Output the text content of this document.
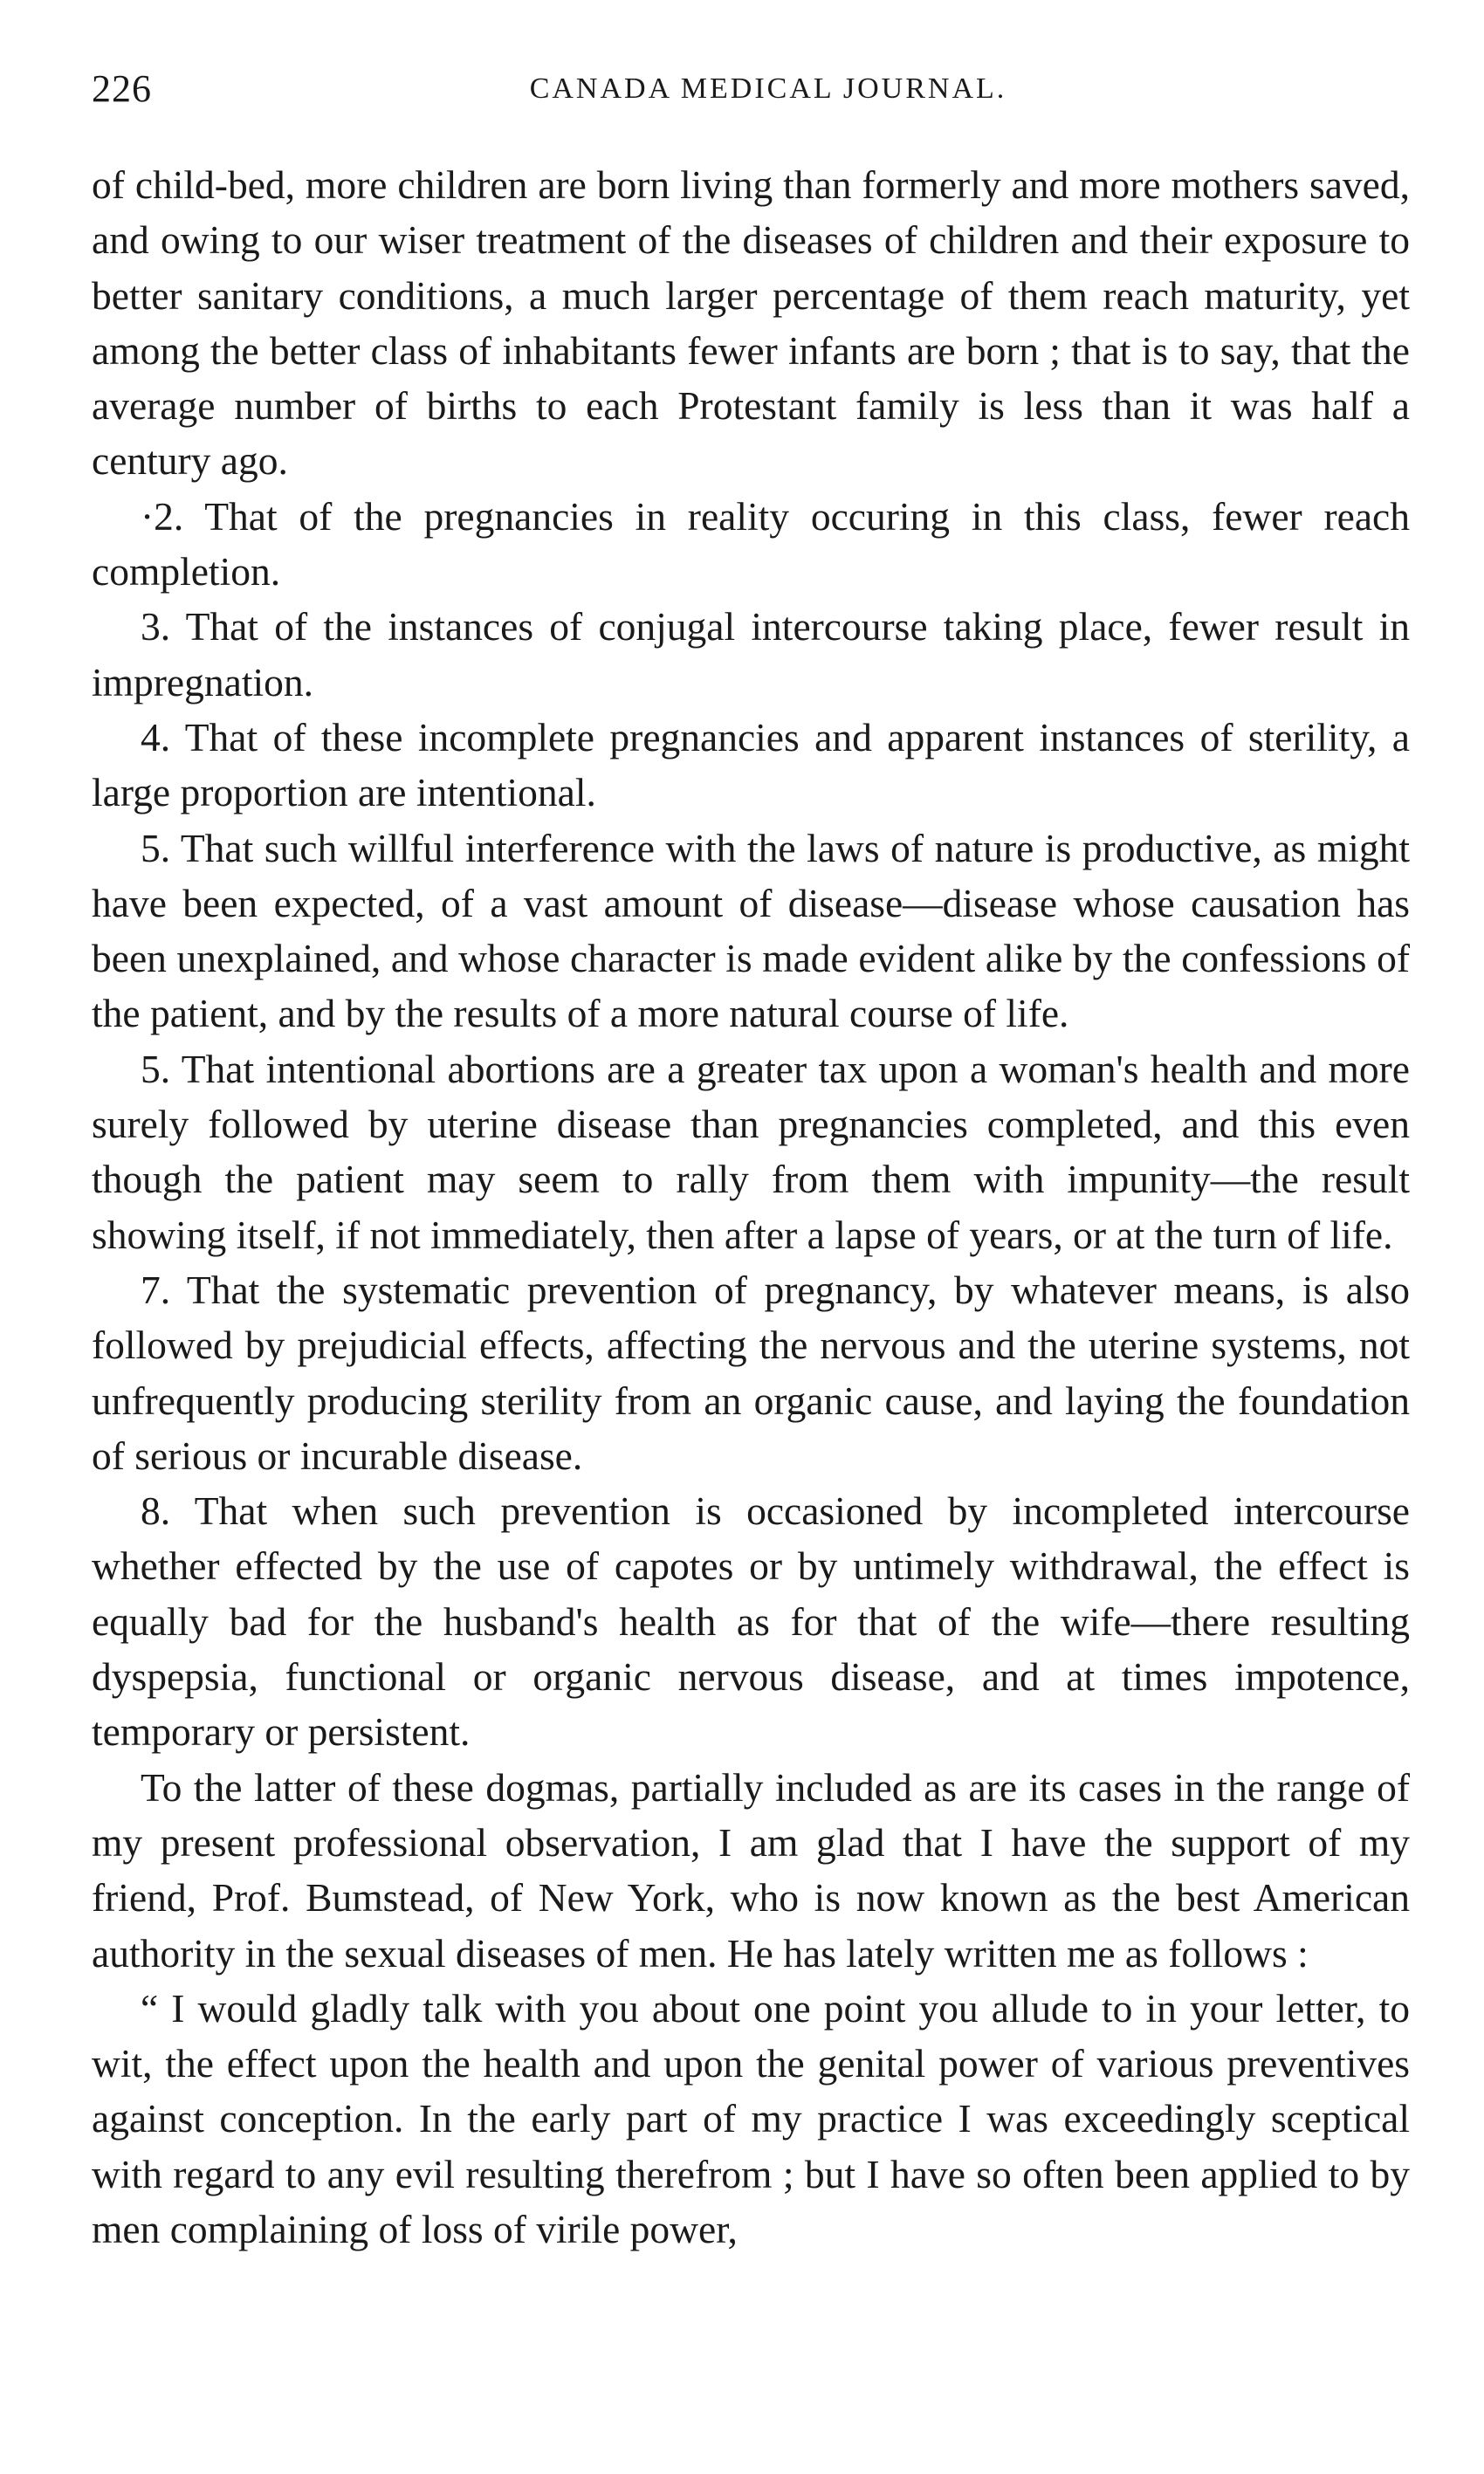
226	CANADA MEDICAL JOURNAL.

of child-bed, more children are born living than formerly and more mothers saved, and owing to our wiser treatment of the diseases of children and their exposure to better sanitary conditions, a much larger percentage of them reach maturity, yet among the better class of inhabitants fewer infants are born ; that is to say, that the average number of births to each Protestant family is less than it was half a century ago.

·2. That of the pregnancies in reality occuring in this class, fewer reach completion.

3. That of the instances of conjugal intercourse taking place, fewer result in impregnation.

4. That of these incomplete pregnancies and apparent instances of sterility, a large proportion are intentional.

5. That such willful interference with the laws of nature is productive, as might have been expected, of a vast amount of disease—disease whose causation has been unexplained, and whose character is made evident alike by the confessions of the patient, and by the results of a more natural course of life.

5. That intentional abortions are a greater tax upon a woman's health and more surely followed by uterine disease than pregnancies completed, and this even though the patient may seem to rally from them with impunity—the result showing itself, if not immediately, then after a lapse of years, or at the turn of life.

7. That the systematic prevention of pregnancy, by whatever means, is also followed by prejudicial effects, affecting the nervous and the uterine systems, not unfrequently producing sterility from an organic cause, and laying the foundation of serious or incurable disease.

8. That when such prevention is occasioned by incompleted intercourse whether effected by the use of capotes or by untimely withdrawal, the effect is equally bad for the husband's health as for that of the wife—there resulting dyspepsia, functional or organic nervous disease, and at times impotence, temporary or persistent.

To the latter of these dogmas, partially included as are its cases in the range of my present professional observation, I am glad that I have the support of my friend, Prof. Bumstead, of New York, who is now known as the best American authority in the sexual diseases of men. He has lately written me as follows :

“ I would gladly talk with you about one point you allude to in your letter, to wit, the effect upon the health and upon the genital power of various preventives against conception. In the early part of my practice I was exceedingly sceptical with regard to any evil resulting therefrom ; but I have so often been applied to by men complaining of loss of virile power,
